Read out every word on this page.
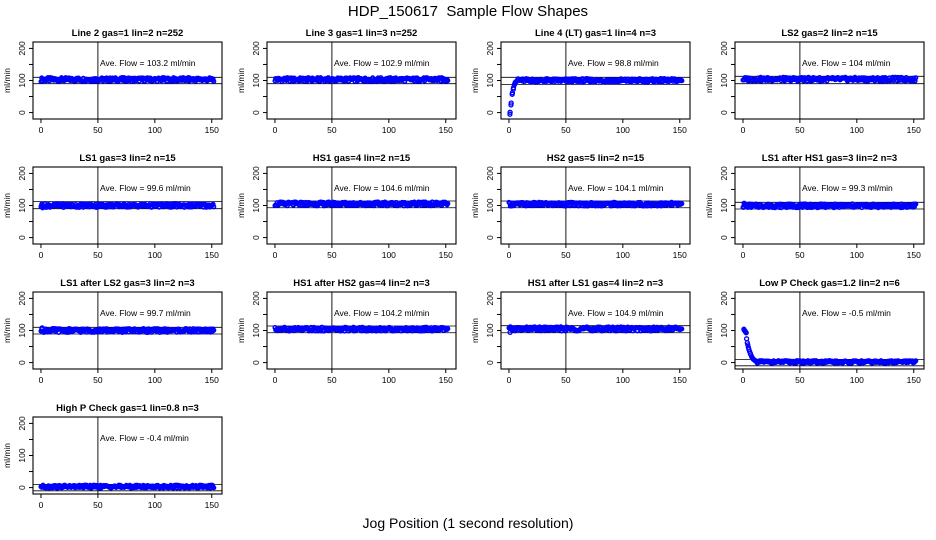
HDP_150617  Sample Flow Shapes
Line 2 gas=1 lin=2 n=252
0	50	100	150
0
100
200
ml/min
Ave. Flow = 103.2 ml/min
Line 3 gas=1 lin=3 n=252
0	50	100	150
0
100
200
ml/min
Ave. Flow = 102.9 ml/min
Line 4 (LT) gas=1 lin=4 n=3
0	50	100	150
0
100
200
ml/min
Ave. Flow = 98.8 ml/min
LS2 gas=2 lin=2 n=15
0	50	100	150
0
100
200
ml/min
Ave. Flow = 104 ml/min
LS1 gas=3 lin=2 n=15
0	50	100	150
0
100
200
ml/min
Ave. Flow = 99.6 ml/min
HS1 gas=4 lin=2 n=15
0	50	100	150
0
100
200
ml/min
Ave. Flow = 104.6 ml/min
HS2 gas=5 lin=2 n=15
0	50	100	150
0
100
200
ml/min
Ave. Flow = 104.1 ml/min
LS1 after HS1 gas=3 lin=2 n=3
0	50	100	150
0
100
200
ml/min
Ave. Flow = 99.3 ml/min
LS1 after LS2 gas=3 lin=2 n=3
0	50	100	150
0
100
200
ml/min
Ave. Flow = 99.7 ml/min
HS1 after HS2 gas=4 lin=2 n=3
0	50	100	150
0
100
200
ml/min
Ave. Flow = 104.2 ml/min
HS1 after LS1 gas=4 lin=2 n=3
0	50	100	150
0
100
200
ml/min
Ave. Flow = 104.9 ml/min
Low P Check gas=1.2 lin=2 n=6
0	50	100	150
0
100
200
ml/min
Ave. Flow = -0.5 ml/min
High P Check gas=1 lin=0.8 n=3
0	50	100	150
0
100
200
ml/min
Ave. Flow = -0.4 ml/min
Jog Position (1 second resolution)
